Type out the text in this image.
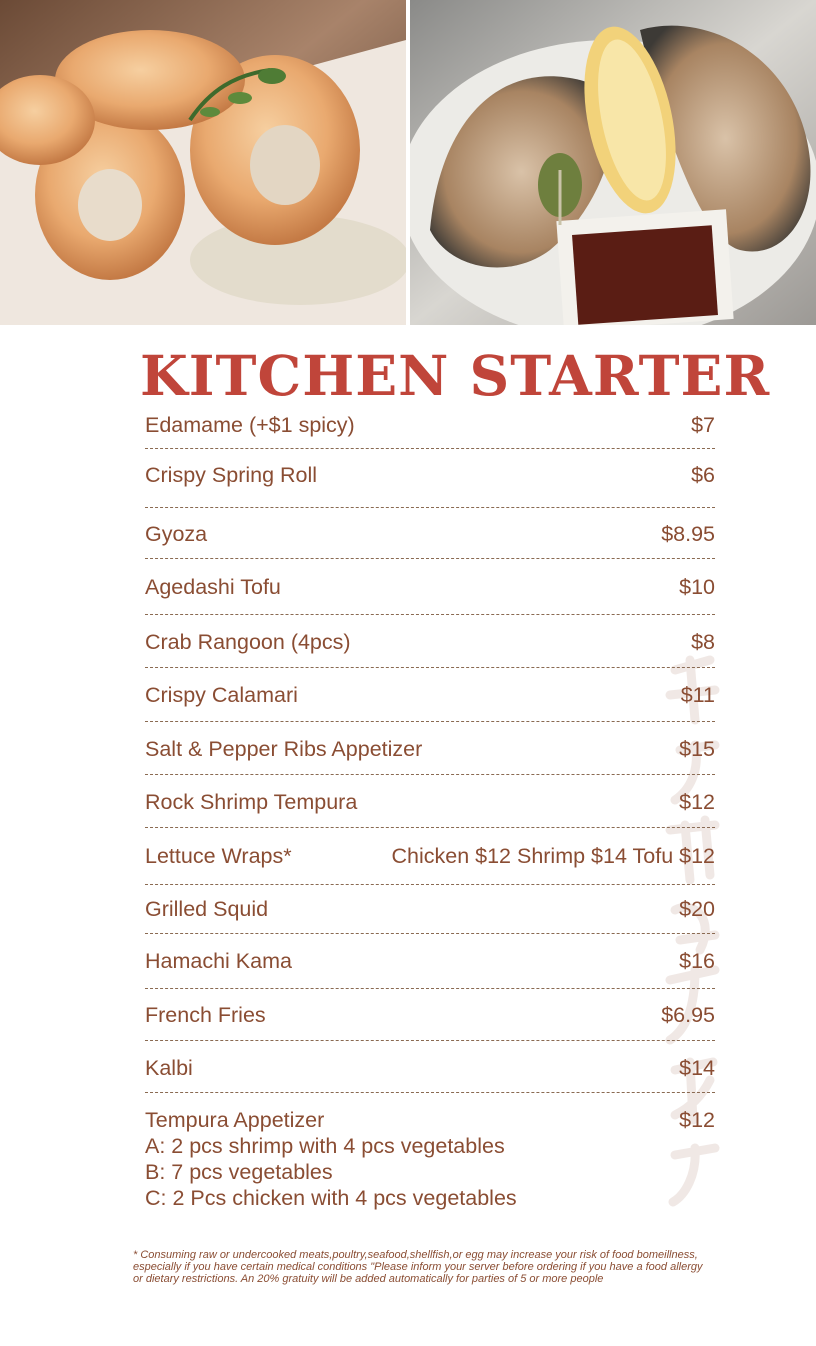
KITCHEN STARTER
Edamame (+$1 spicy)	$7
Crispy Spring Roll	$6
Gyoza	$8.95
Agedashi Tofu	$10
Crab Rangoon (4pcs)	$8
Crispy Calamari	$11
Salt & Pepper Ribs Appetizer	$15
Rock Shrimp Tempura	$12
Lettuce Wraps*	Chicken $12 Shrimp $14 Tofu $12
Grilled Squid	$20
Hamachi Kama	$16
French Fries	$6.95
Kalbi	$14
Tempura Appetizer	$12
A: 2 pcs shrimp with 4 pcs vegetables
B: 7 pcs vegetables
C: 2 Pcs chicken with 4 pcs vegetables

* Consuming raw or undercooked meats,poultry,seafood,shellfish,or egg may increase your risk of food bomeillness,
especially if you have certain medical conditions "Please inform your server before ordering if you have a food allergy
or dietary restrictions. An 20% gratuity will be added automatically for parties of 5 or more people
